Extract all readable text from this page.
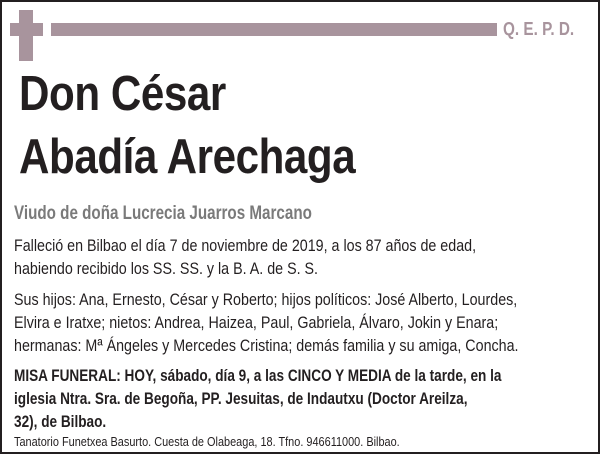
Q. E. P. D.
Don César
Abadía Arechaga
Viudo de doña Lucrecia Juarros Marcano
Falleció en Bilbao el día 7 de noviembre de 2019, a los 87 años de edad,
habiendo recibido los SS. SS. y la B. A. de S. S.
Sus hijos: Ana, Ernesto, César y Roberto; hijos políticos: José Alberto, Lourdes,
Elvira e Iratxe; nietos: Andrea, Haizea, Paul, Gabriela, Álvaro, Jokin y Enara;
hermanas: Mª Ángeles y Mercedes Cristina; demás familia y su amiga, Concha.
MISA FUNERAL: HOY, sábado, día 9, a las CINCO Y MEDIA de la tarde, en la
iglesia Ntra. Sra. de Begoña, PP. Jesuitas, de Indautxu (Doctor Areilza,
32), de Bilbao.
Tanatorio Funetxea Basurto. Cuesta de Olabeaga, 18. Tfno. 946611000. Bilbao.
